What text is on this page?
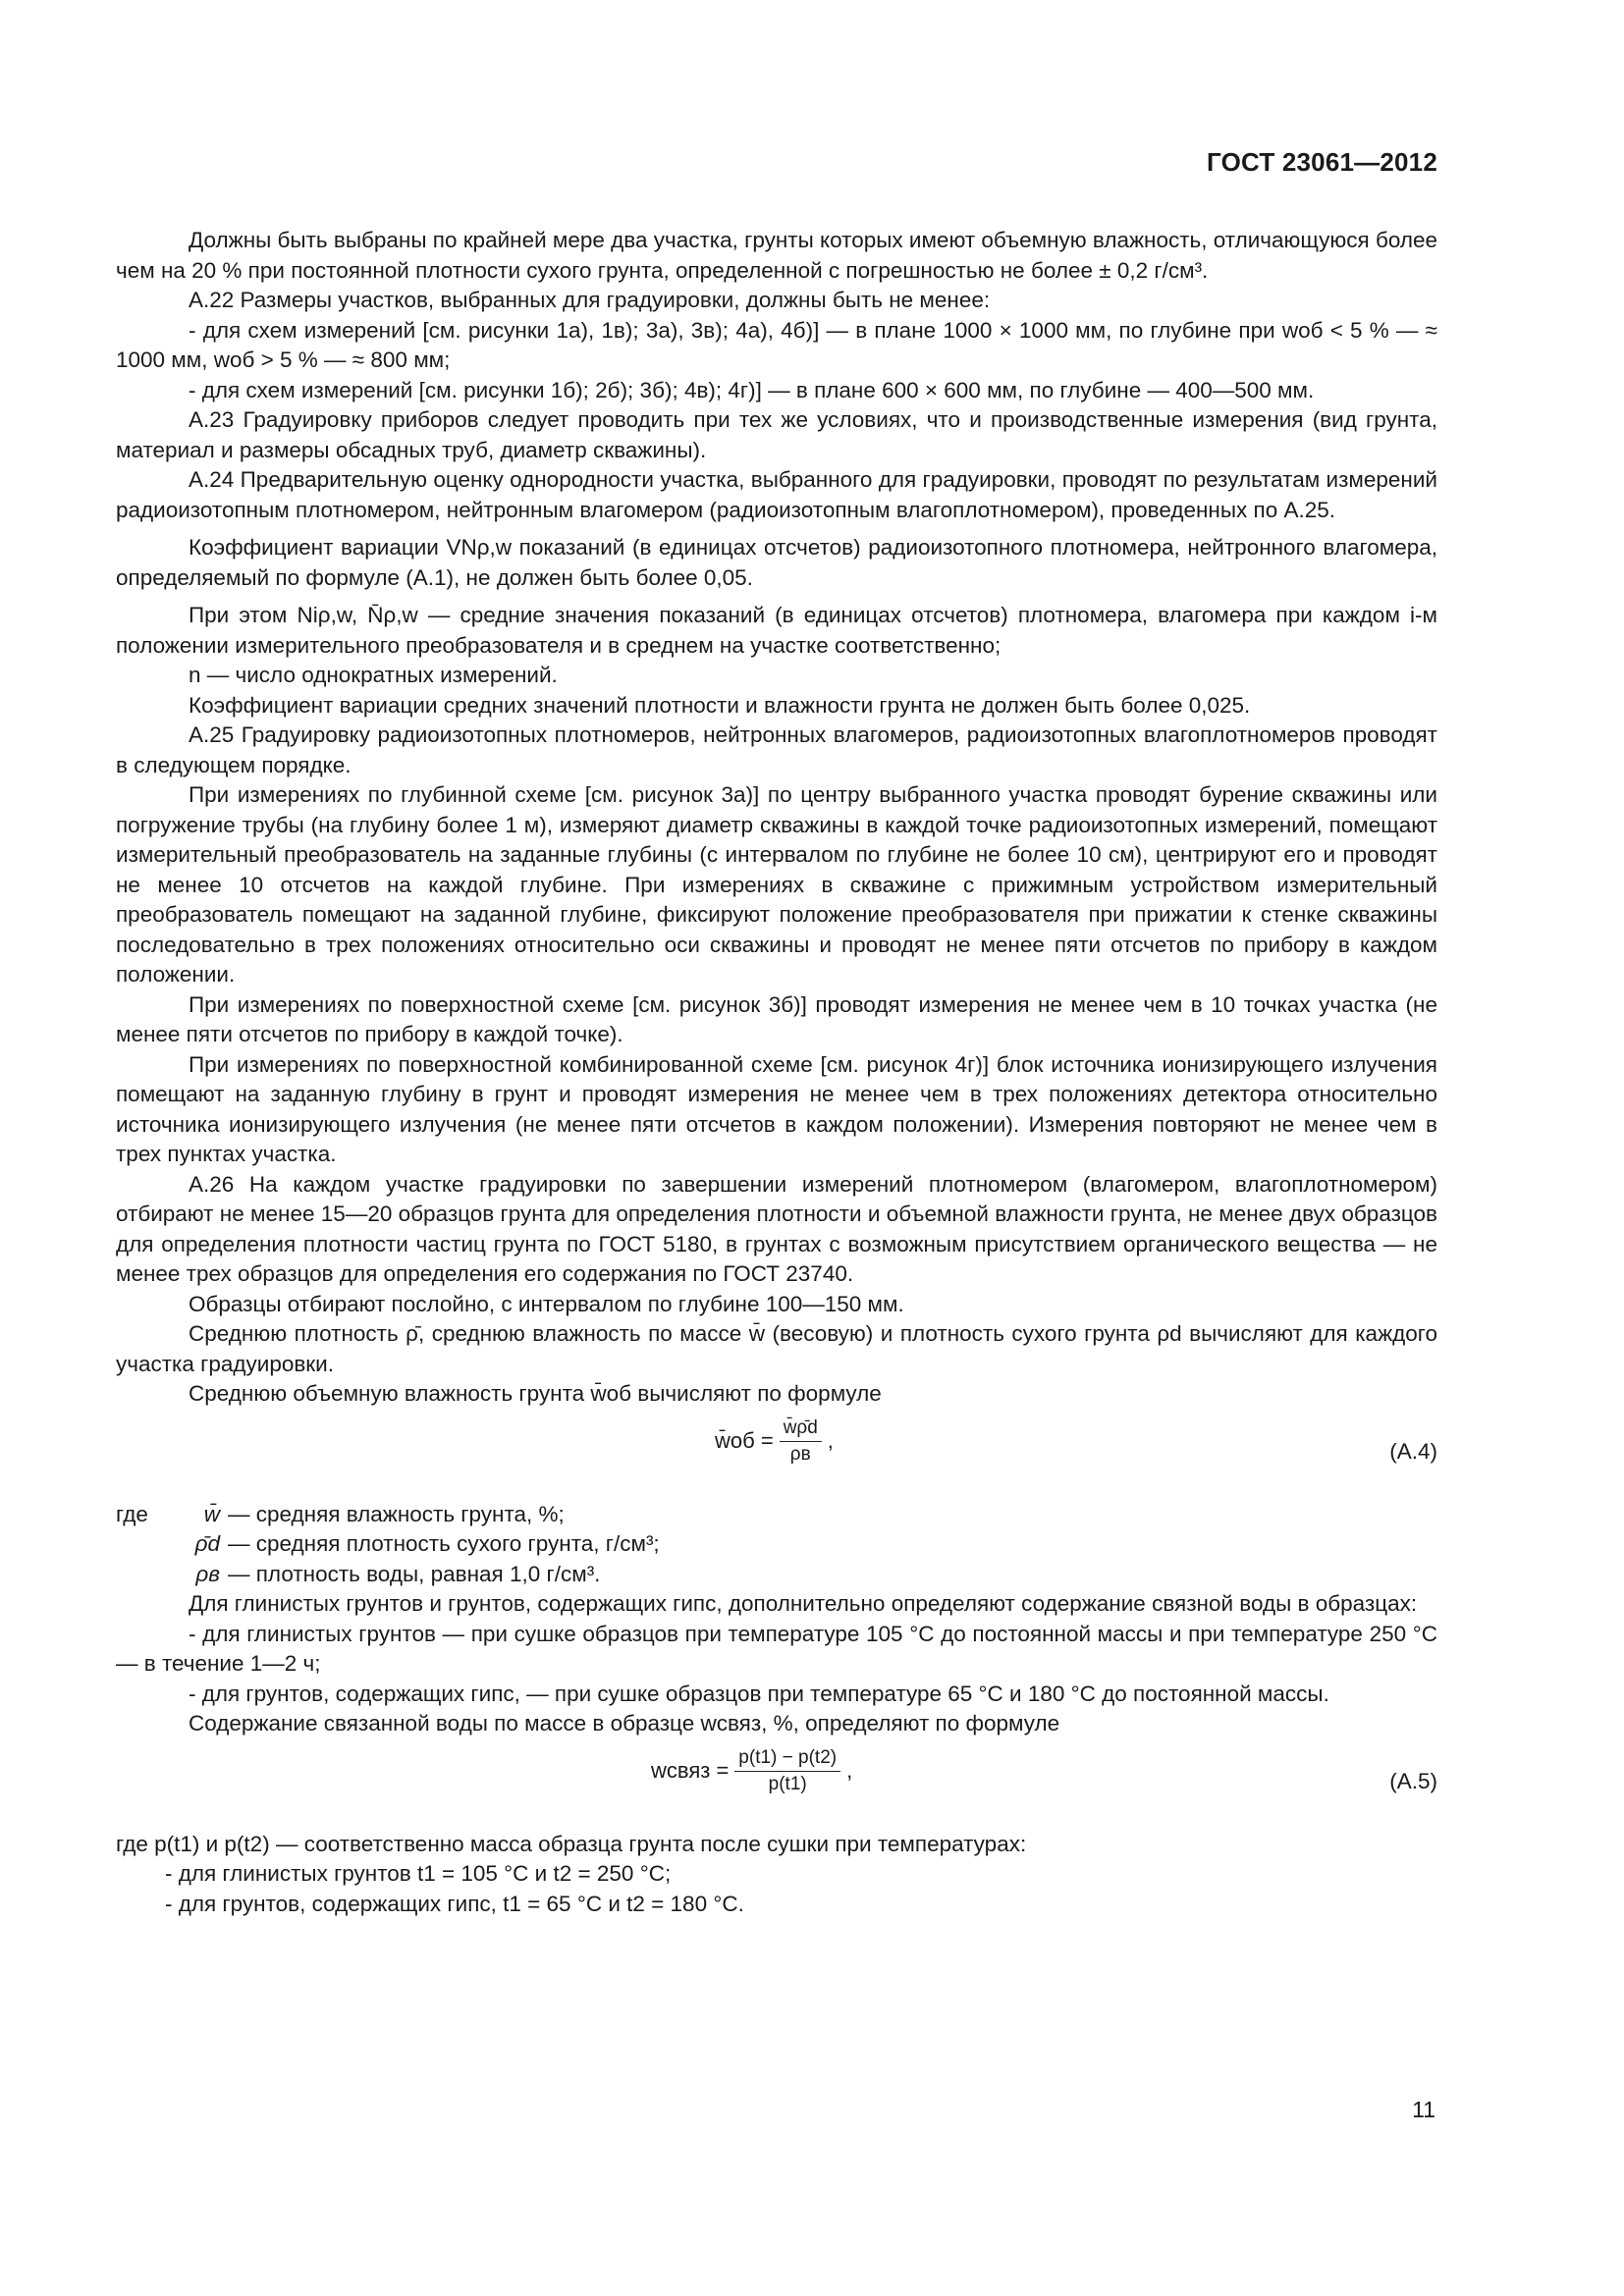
ГОСТ 23061—2012

Должны быть выбраны по крайней мере два участка, грунты которых имеют объемную влажность, отличающуюся более чем на 20 % при постоянной плотности сухого грунта, определенной с погрешностью не более ± 0,2 г/см³.

А.22 Размеры участков, выбранных для градуировки, должны быть не менее:

- для схем измерений [см. рисунки 1а), 1в); 3а), 3в); 4а), 4б)] — в плане 1000 × 1000 мм, по глубине при wоб < 5 % — ≈ 1000 мм, wоб > 5 % — ≈ 800 мм;

- для схем измерений [см. рисунки 1б); 2б); 3б); 4в); 4г)] — в плане 600 × 600 мм, по глубине — 400—500 мм.

А.23 Градуировку приборов следует проводить при тех же условиях, что и производственные измерения (вид грунта, материал и размеры обсадных труб, диаметр скважины).

А.24 Предварительную оценку однородности участка, выбранного для градуировки, проводят по результатам измерений радиоизотопным плотномером, нейтронным влагомером (радиоизотопным влагоплотномером), проведенных по А.25.

Коэффициент вариации VNρ,w показаний (в единицах отсчетов) радиоизотопного плотномера, нейтронного влагомера, определяемый по формуле (А.1), не должен быть более 0,05.

При этом Niρ,w, N̄ρ,w — средние значения показаний (в единицах отсчетов) плотномера, влагомера при каждом i-м положении измерительного преобразователя и в среднем на участке соответственно;

n — число однократных измерений.

Коэффициент вариации средних значений плотности и влажности грунта не должен быть более 0,025.

А.25 Градуировку радиоизотопных плотномеров, нейтронных влагомеров, радиоизотопных влагоплотномеров проводят в следующем порядке.

При измерениях по глубинной схеме [см. рисунок 3а)] по центру выбранного участка проводят бурение скважины или погружение трубы (на глубину более 1 м), измеряют диаметр скважины в каждой точке радиоизотопных измерений, помещают измерительный преобразователь на заданные глубины (с интервалом по глубине не более 10 см), центрируют его и проводят не менее 10 отсчетов на каждой глубине. При измерениях в скважине с прижимным устройством измерительный преобразователь помещают на заданной глубине, фиксируют положение преобразователя при прижатии к стенке скважины последовательно в трех положениях относительно оси скважины и проводят не менее пяти отсчетов по прибору в каждом положении.

При измерениях по поверхностной схеме [см. рисунок 3б)] проводят измерения не менее чем в 10 точках участка (не менее пяти отсчетов по прибору в каждой точке).

При измерениях по поверхностной комбинированной схеме [см. рисунок 4г)] блок источника ионизирующего излучения помещают на заданную глубину в грунт и проводят измерения не менее чем в трех положениях детектора относительно источника ионизирующего излучения (не менее пяти отсчетов в каждом положении). Измерения повторяют не менее чем в трех пунктах участка.

А.26 На каждом участке градуировки по завершении измерений плотномером (влагомером, влагоплотномером) отбирают не менее 15—20 образцов грунта для определения плотности и объемной влажности грунта, не менее двух образцов для определения плотности частиц грунта по ГОСТ 5180, в грунтах с возможным присутствием органического вещества — не менее трех образцов для определения его содержания по ГОСТ 23740.

Образцы отбирают послойно, с интервалом по глубине 100—150 мм.

Среднюю плотность ρ̄, среднюю влажность по массе w̄ (весовую) и плотность сухого грунта ρd вычисляют для каждого участка градуировки.

Среднюю объемную влажность грунта w̄об вычисляют по формуле

w̄об = $\frac{w̄\rhōd}{\rho в}$ ,	(А.4)
где	w̄ — средняя влажность грунта, %;
ρ̄d — средняя плотность сухого грунта, г/см³;
ρв — плотность воды, равная 1,0 г/см³.

Для глинистых грунтов и грунтов, содержащих гипс, дополнительно определяют содержание связной воды в образцах:

- для глинистых грунтов — при сушке образцов при температуре 105 °С до постоянной массы и при температуре 250 °С — в течение 1—2 ч;

- для грунтов, содержащих гипс, — при сушке образцов при температуре 65 °С и 180 °С до постоянной массы.

Содержание связанной воды по массе в образце wсвяз, %, определяют по формуле

wсвяз = $\frac{p(t1) - p(t2)}{p(t1)}$ ,	(А.5)

где p(t1) и p(t2) — соответственно масса образца грунта после сушки при температурах:

- для глинистых грунтов t1 = 105 °С и t2 = 250 °С;

- для грунтов, содержащих гипс, t1 = 65 °С и t2 = 180 °С.

11
